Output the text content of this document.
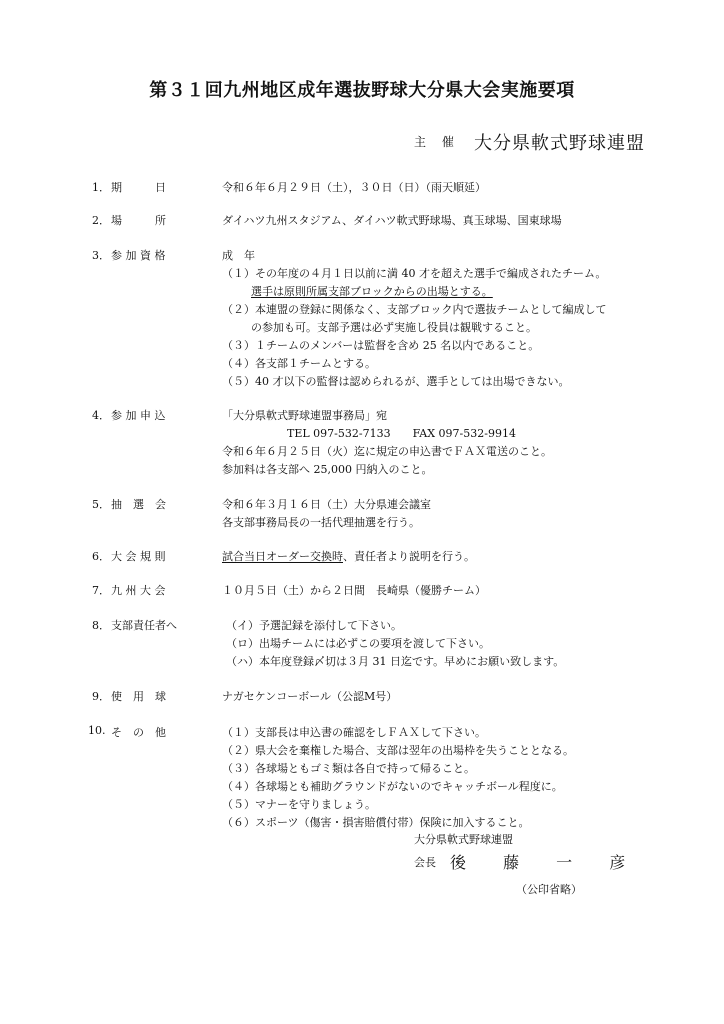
第３１回九州地区成年選抜野球大分県大会実施要項
主 催 大分県軟式野球連盟
1． 期　　　日	令和６年６月２９日（土），３０日（日）（雨天順延）
2． 場　　　所	ダイハツ九州スタジアム、ダイハツ軟式野球場、真玉球場、国東球場
3． 参 加 資 格	成　年
（１）その年度の４月１日以前に満 40 才を超えた選手で編成されたチーム。
選手は原則所属支部ブロックからの出場とする。
（２）本連盟の登録に関係なく、支部ブロック内で選抜チームとして編成して
の参加も可。支部予選は必ず実施し役員は観戦すること。
（３）１チームのメンバーは監督を含め 25 名以内であること。
（４）各支部１チームとする。
（５）40 才以下の監督は認められるが、選手としては出場できない。
4． 参 加 申 込	「大分県軟式野球連盟事務局」宛
TEL 097-532-7133　　FAX 097-532-9914
令和６年６月２５日（火）迄に規定の申込書でＦＡＸ電送のこと。
参加料は各支部へ 25,000 円納入のこと。
5． 抽　選　会	令和６年３月１６日（土）大分県連会議室
各支部事務局長の一括代理抽選を行う。
6． 大 会 規 則	試合当日オーダー交換時、責任者より説明を行う。
7． 九 州 大 会	１０月５日（土）から２日間　長崎県（優勝チーム）
8． 支部責任者へ	（イ）予選記録を添付して下さい。
（ロ）出場チームには必ずこの要項を渡して下さい。
（ハ）本年度登録〆切は３月 31 日迄です。早めにお願い致します。
9． 使　用　球	ナガセケンコーボール（公認M号）
10. そ　の　他	（１）支部長は申込書の確認をしＦＡＸして下さい。
（２）県大会を棄権した場合、支部は翌年の出場枠を失うこととなる。
（３）各球場ともゴミ類は各自で持って帰ること。
（４）各球場とも補助グラウンドがないのでキャッチボール程度に。
（５）マナーを守りましょう。
（６）スポーツ（傷害・損害賠償付帯）保険に加入すること。
大分県軟式野球連盟
会長 後 藤 一 彦
（公印省略）
